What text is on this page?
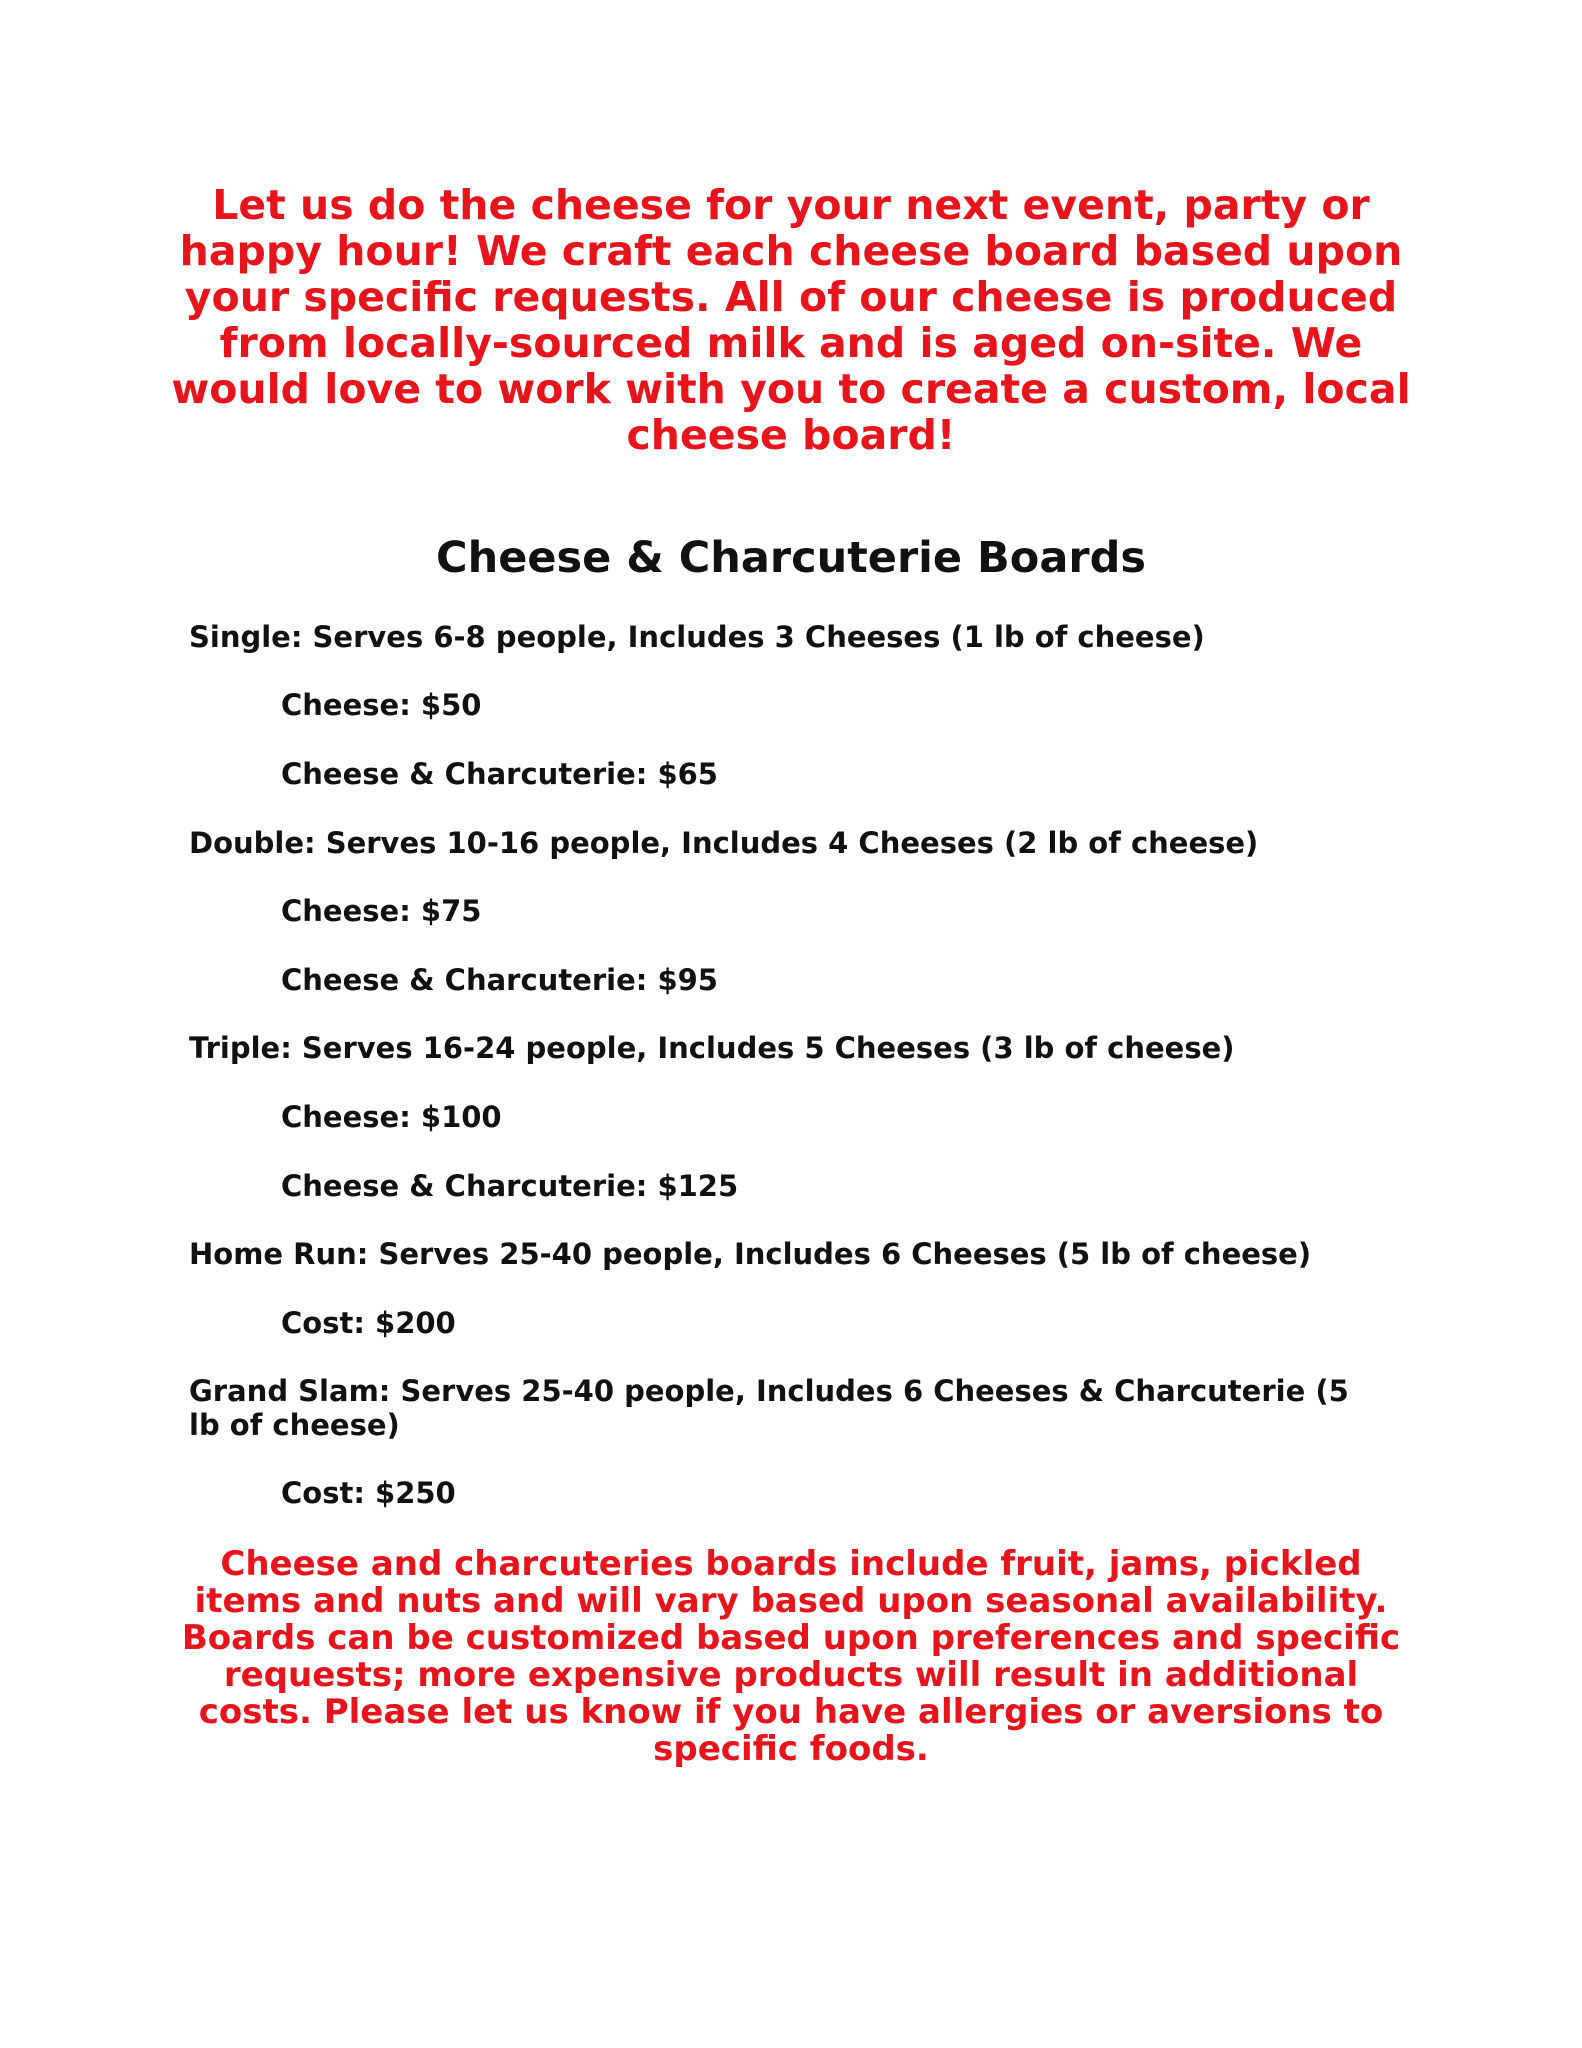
Let us do the cheese for your next event, party or happy hour! We craft each cheese board based upon your specific requests. All of our cheese is produced from locally-sourced milk and is aged on-site. We would love to work with you to create a custom, local cheese board!

Cheese & Charcuterie Boards

Single: Serves 6-8 people, Includes 3 Cheeses (1 lb of cheese)

Cheese: $50

Cheese & Charcuterie: $65

Double: Serves 10-16 people, Includes 4 Cheeses (2 lb of cheese)

Cheese: $75

Cheese & Charcuterie: $95

Triple: Serves 16-24 people, Includes 5 Cheeses (3 lb of cheese)

Cheese: $100

Cheese & Charcuterie: $125

Home Run: Serves 25-40 people, Includes 6 Cheeses (5 lb of cheese)

Cost: $200

Grand Slam: Serves 25-40 people, Includes 6 Cheeses & Charcuterie (5 lb of cheese)

Cost: $250

Cheese and charcuteries boards include fruit, jams, pickled items and nuts and will vary based upon seasonal availability. Boards can be customized based upon preferences and specific requests; more expensive products will result in additional costs. Please let us know if you have allergies or aversions to specific foods.
